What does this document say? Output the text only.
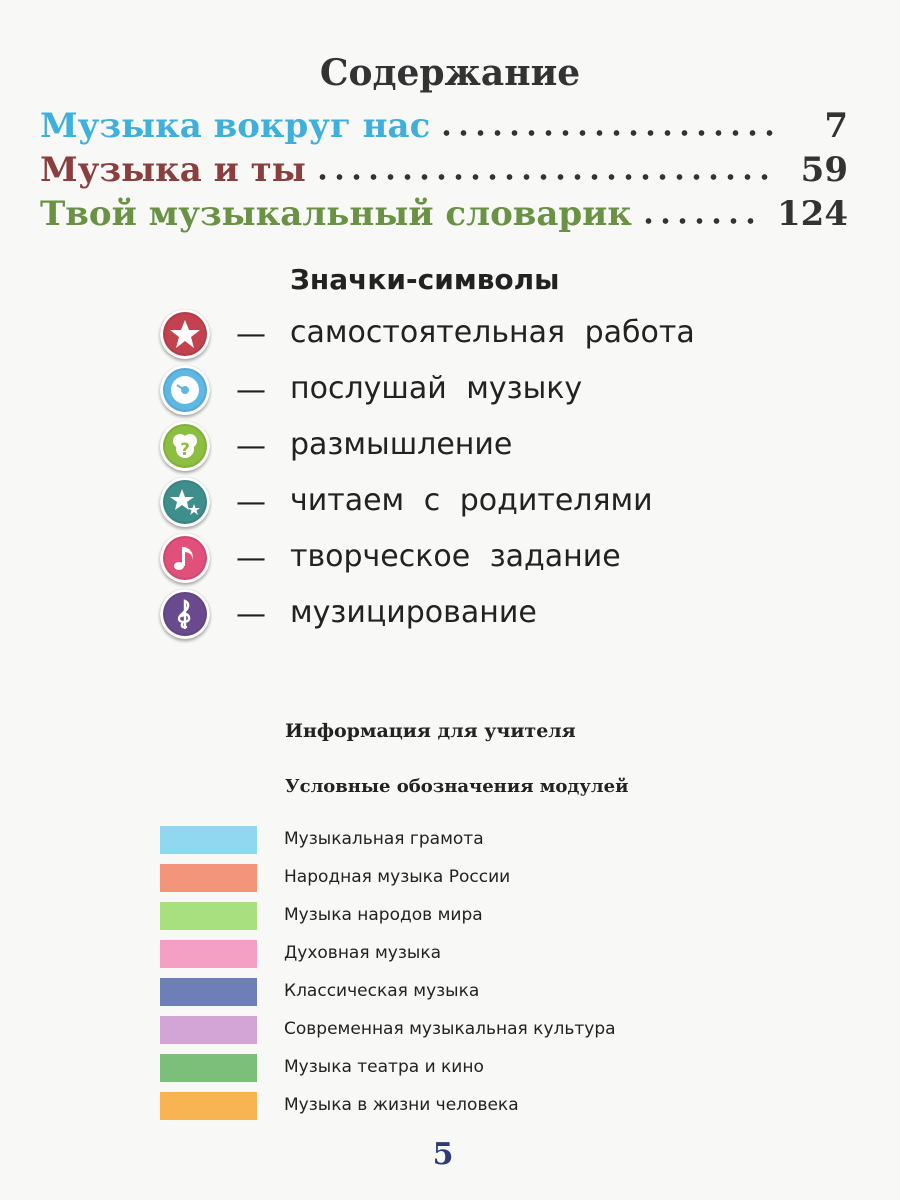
Содержание
Музыка вокруг нас	7
Музыка и ты	59
Твой музыкальный словарик	124
Значки-символы
— самостоятельная работа
— послушай музыку
? — размышление
— читаем с родителями
— творческое задание
— музицирование
Информация для учителя
Условные обозначения модулей
Музыкальная грамота
Народная музыка России
Музыка народов мира
Духовная музыка
Классическая музыка
Современная музыкальная культура
Музыка театра и кино
Музыка в жизни человека
5
